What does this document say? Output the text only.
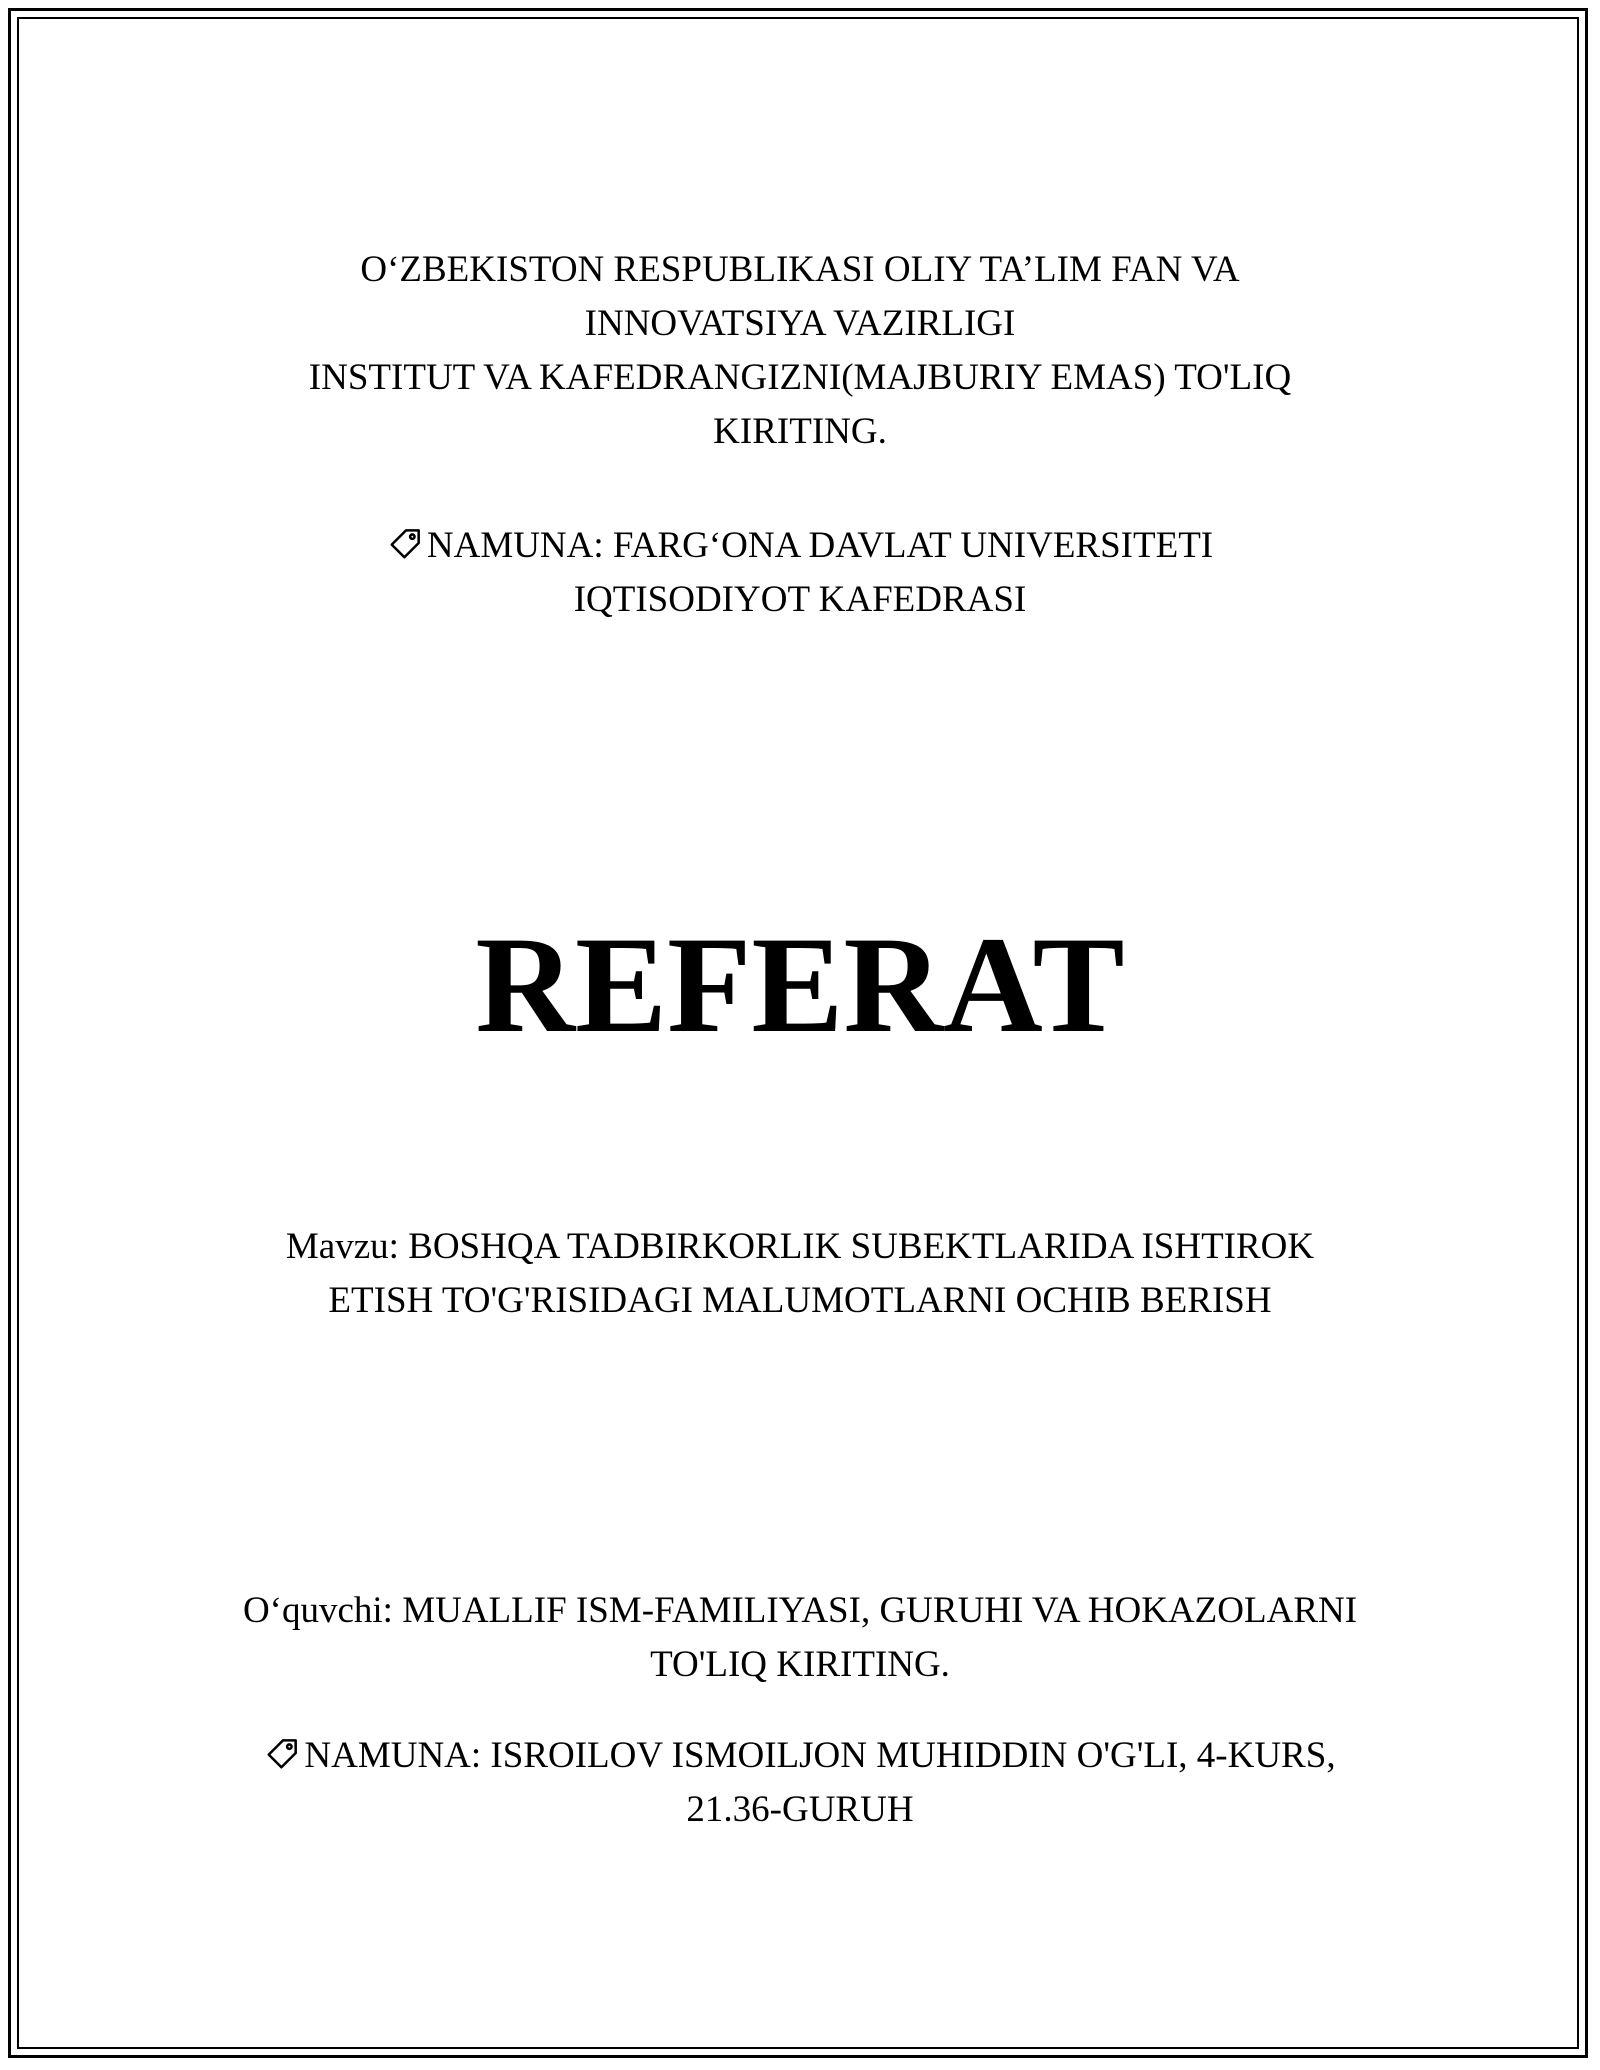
O‘ZBEKISTON RESPUBLIKASI OLIY TA’LIM FAN VA
INNOVATSIYA VAZIRLIGI
INSTITUT VA KAFEDRANGIZNI(MAJBURIY EMAS) TO'LIQ
KIRITING.
NAMUNA: FARG‘ONA DAVLAT UNIVERSITETI
IQTISODIYOT KAFEDRASI
REFERAT
Mavzu: BOSHQA TADBIRKORLIK SUBEKTLARIDA ISHTIROK
ETISH TO'G'RISIDAGI MALUMOTLARNI OCHIB BERISH
O‘quvchi: MUALLIF ISM-FAMILIYASI, GURUHI VA HOKAZOLARNI
TO'LIQ KIRITING.
NAMUNA: ISROILOV ISMOILJON MUHIDDIN O'G'LI, 4-KURS,
21.36-GURUH
